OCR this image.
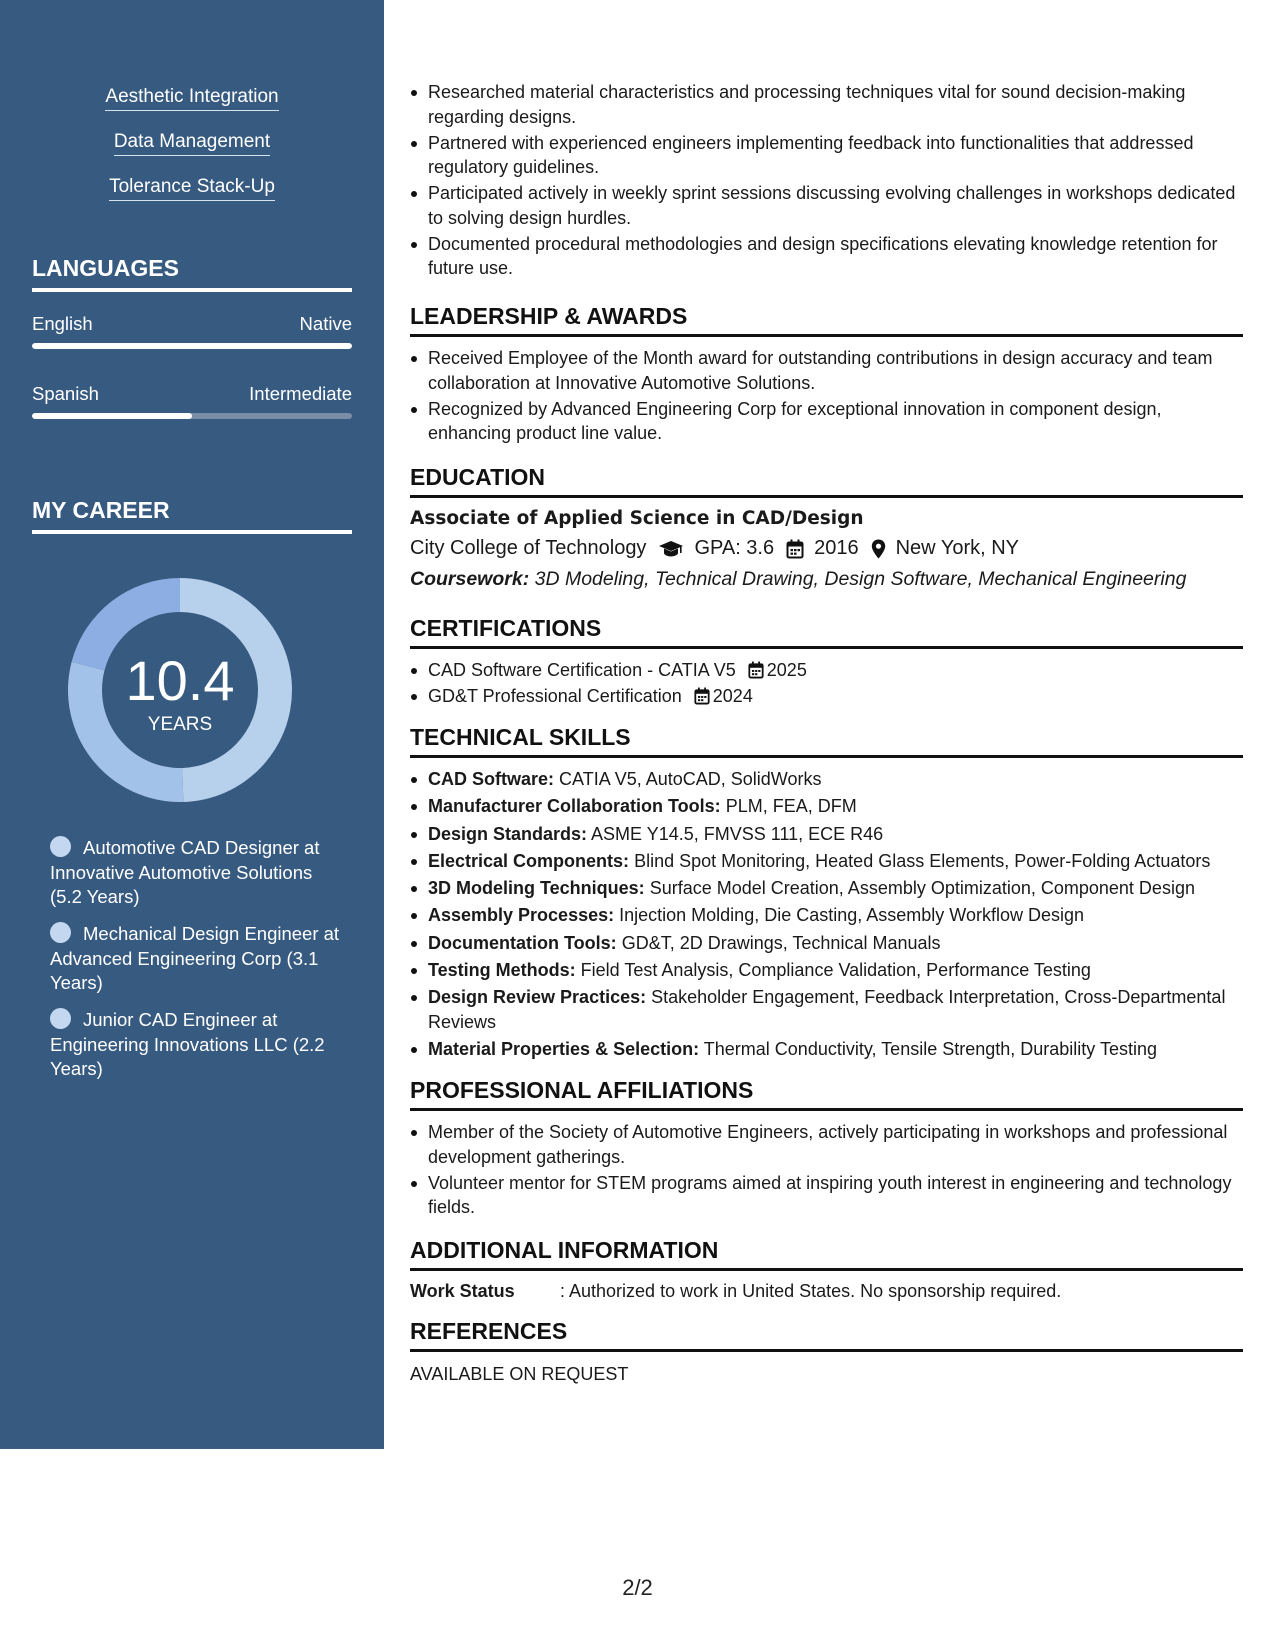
Aesthetic Integration
Data Management
Tolerance Stack-Up
LANGUAGES
English	Native
Spanish	Intermediate
MY CAREER
10.4
YEARS
Automotive CAD Designer at Innovative Automotive Solutions (5.2 Years)
Mechanical Design Engineer at Advanced Engineering Corp (3.1 Years)
Junior CAD Engineer at Engineering Innovations LLC (2.2 Years)
Researched material characteristics and processing techniques vital for sound decision-making regarding designs.
Partnered with experienced engineers implementing feedback into functionalities that addressed regulatory guidelines.
Participated actively in weekly sprint sessions discussing evolving challenges in workshops dedicated to solving design hurdles.
Documented procedural methodologies and design specifications elevating knowledge retention for future use.
LEADERSHIP & AWARDS
Received Employee of the Month award for outstanding contributions in design accuracy and team collaboration at Innovative Automotive Solutions.
Recognized by Advanced Engineering Corp for exceptional innovation in component design, enhancing product line value.
EDUCATION
Associate of Applied Science in CAD/Design
City College of Technology GPA: 3.6 2016 New York, NY
Coursework: 3D Modeling, Technical Drawing, Design Software, Mechanical Engineering
CERTIFICATIONS
CAD Software Certification - CATIA V5 2025
GD&T Professional Certification 2024
TECHNICAL SKILLS
CAD Software: CATIA V5, AutoCAD, SolidWorks
Manufacturer Collaboration Tools: PLM, FEA, DFM
Design Standards: ASME Y14.5, FMVSS 111, ECE R46
Electrical Components: Blind Spot Monitoring, Heated Glass Elements, Power-Folding Actuators
3D Modeling Techniques: Surface Model Creation, Assembly Optimization, Component Design
Assembly Processes: Injection Molding, Die Casting, Assembly Workflow Design
Documentation Tools: GD&T, 2D Drawings, Technical Manuals
Testing Methods: Field Test Analysis, Compliance Validation, Performance Testing
Design Review Practices: Stakeholder Engagement, Feedback Interpretation, Cross-Departmental Reviews
Material Properties & Selection: Thermal Conductivity, Tensile Strength, Durability Testing
PROFESSIONAL AFFILIATIONS
Member of the Society of Automotive Engineers, actively participating in workshops and professional development gatherings.
Volunteer mentor for STEM programs aimed at inspiring youth interest in engineering and technology fields.
ADDITIONAL INFORMATION
Work Status	: Authorized to work in United States. No sponsorship required.
REFERENCES
AVAILABLE ON REQUEST
2/2
